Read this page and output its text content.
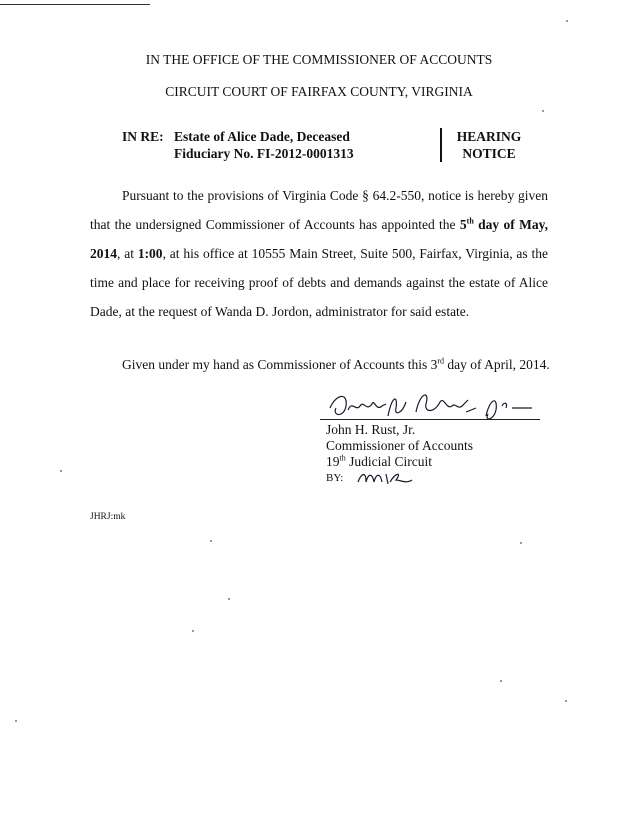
IN THE OFFICE OF THE COMMISSIONER OF ACCOUNTS
CIRCUIT COURT OF FAIRFAX COUNTY, VIRGINIA
IN RE: Estate of Alice Dade, Deceased
Fiduciary No. FI-2012-0001313
HEARING
NOTICE
Pursuant to the provisions of Virginia Code § 64.2-550, notice is hereby given that the undersigned Commissioner of Accounts has appointed the 5th day of May, 2014, at 1:00, at his office at 10555 Main Street, Suite 500, Fairfax, Virginia, as the time and place for receiving proof of debts and demands against the estate of Alice Dade, at the request of Wanda D. Jordon, administrator for said estate.
Given under my hand as Commissioner of Accounts this 3rd day of April, 2014.
John H. Rust, Jr.
Commissioner of Accounts
19th Judicial Circuit
BY:
JHRJ:mk
